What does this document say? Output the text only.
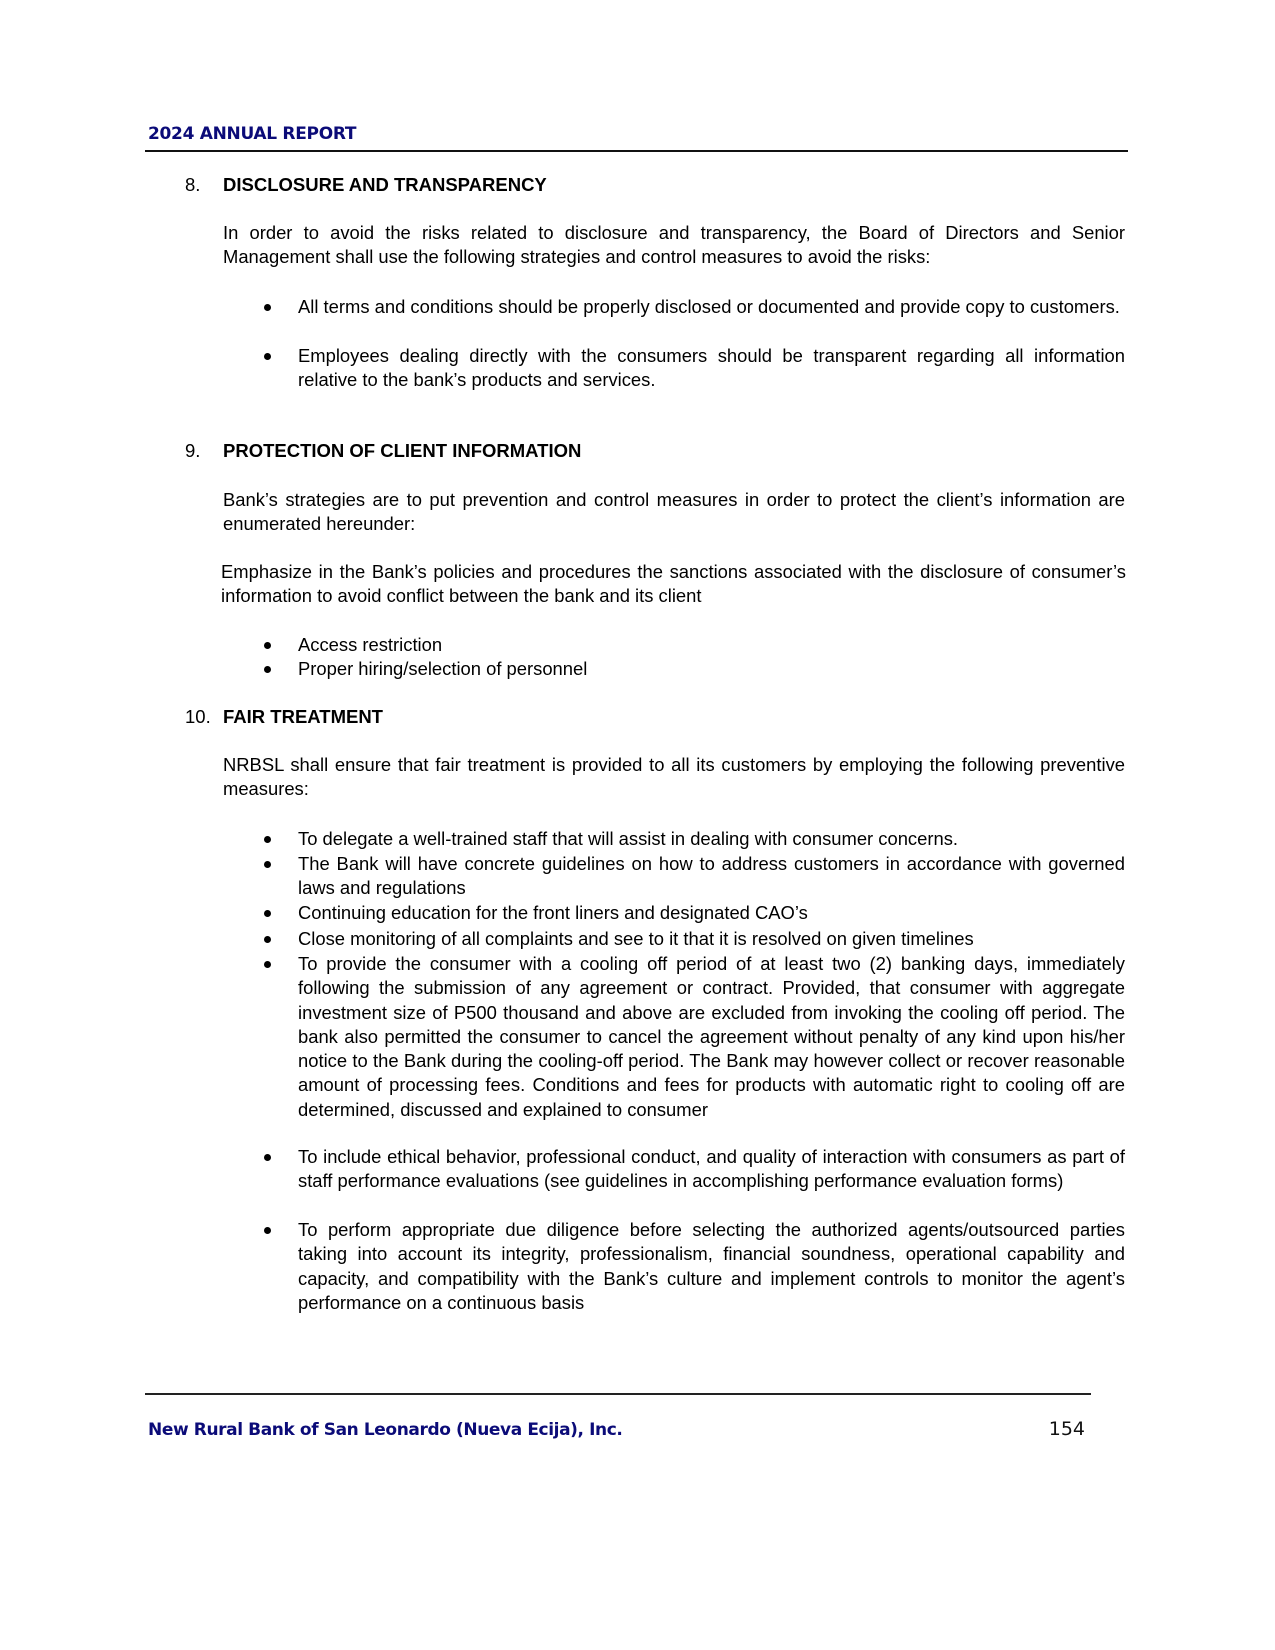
2024 ANNUAL REPORT
8. DISCLOSURE AND TRANSPARENCY
In order to avoid the risks related to disclosure and transparency, the Board of Directors and Senior Management shall use the following strategies and control measures to avoid the risks:
All terms and conditions should be properly disclosed or documented and provide copy to customers.
Employees dealing directly with the consumers should be transparent regarding all information relative to the bank’s products and services.
9. PROTECTION OF CLIENT INFORMATION
Bank’s strategies are to put prevention and control measures in order to protect the client’s information are enumerated hereunder:
Emphasize in the Bank’s policies and procedures the sanctions associated with the disclosure of consumer’s information to avoid conflict between the bank and its client
Access restriction
Proper hiring/selection of personnel
10. FAIR TREATMENT
NRBSL shall ensure that fair treatment is provided to all its customers by employing the following preventive measures:
To delegate a well-trained staff that will assist in dealing with consumer concerns.
The Bank will have concrete guidelines on how to address customers in accordance with governed laws and regulations
Continuing education for the front liners and designated CAO’s
Close monitoring of all complaints and see to it that it is resolved on given timelines
To provide the consumer with a cooling off period of at least two (2) banking days, immediately following the submission of any agreement or contract. Provided, that consumer with aggregate investment size of P500 thousand and above are excluded from invoking the cooling off period. The bank also permitted the consumer to cancel the agreement without penalty of any kind upon his/her notice to the Bank during the cooling-off period. The Bank may however collect or recover reasonable amount of processing fees. Conditions and fees for products with automatic right to cooling off are determined, discussed and explained to consumer
To include ethical behavior, professional conduct, and quality of interaction with consumers as part of staff performance evaluations (see guidelines in accomplishing performance evaluation forms)
To perform appropriate due diligence before selecting the authorized agents/outsourced parties taking into account its integrity, professionalism, financial soundness, operational capability and capacity, and compatibility with the Bank’s culture and implement controls to monitor the agent’s performance on a continuous basis
New Rural Bank of San Leonardo (Nueva Ecija), Inc.	154
